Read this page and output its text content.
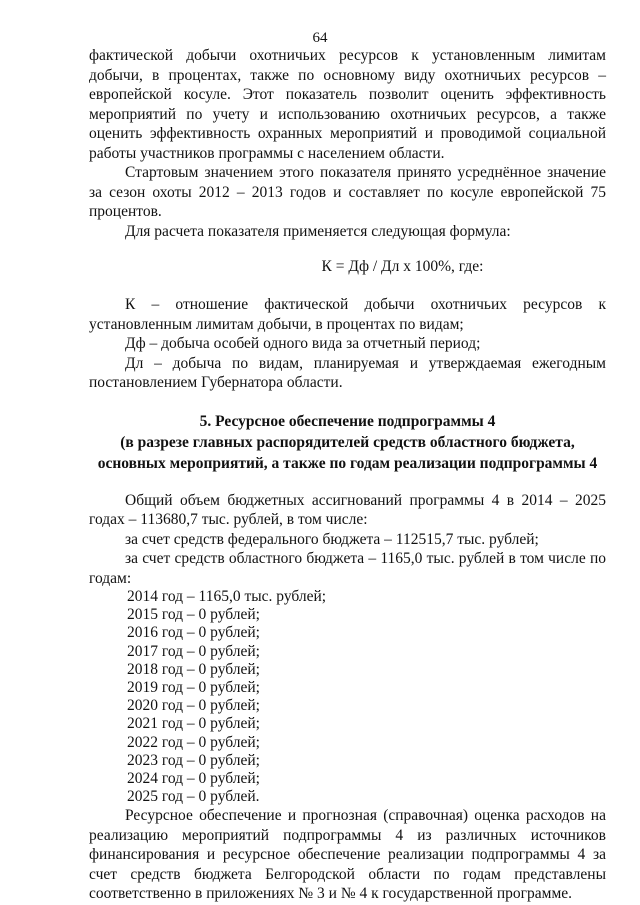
64

фактической добычи охотничьих ресурсов к установленным лимитам добычи, в процентах, также по основному виду охотничьих ресурсов – европейской косуле. Этот показатель позволит оценить эффективность мероприятий по учету и использованию охотничьих ресурсов, а также оценить эффективность охранных мероприятий и проводимой социальной работы участников программы с населением области.

Стартовым значением этого показателя принято усреднённое значение за сезон охоты 2012 – 2013 годов и составляет по косуле европейской 75 процентов.

Для расчета показателя применяется следующая формула:

К = Дф / Дл х 100%, где:

К – отношение фактической добычи охотничьих ресурсов к установленным лимитам добычи, в процентах по видам;

Дф – добыча особей одного вида за отчетный период;

Дл – добыча по видам, планируемая и утверждаемая ежегодным постановлением Губернатора области.

5. Ресурсное обеспечение подпрограммы 4

(в разрезе главных распорядителей средств областного бюджета,

основных мероприятий, а также по годам реализации подпрограммы 4

Общий объем бюджетных ассигнований программы 4 в 2014 – 2025 годах – 113680,7 тыс. рублей, в том числе:

за счет средств федерального бюджета – 112515,7 тыс. рублей;

за счет средств областного бюджета – 1165,0 тыс. рублей в том числе по годам:

2014 год – 1165,0 тыс. рублей;

2015 год – 0 рублей;

2016 год – 0 рублей;

2017 год – 0 рублей;

2018 год – 0 рублей;

2019 год – 0 рублей;

2020 год – 0 рублей;

2021 год – 0 рублей;

2022 год – 0 рублей;

2023 год – 0 рублей;

2024 год – 0 рублей;

2025 год – 0 рублей.

Ресурсное обеспечение и прогнозная (справочная) оценка расходов на реализацию мероприятий подпрограммы 4 из различных источников финансирования и ресурсное обеспечение реализации подпрограммы 4 за счет средств бюджета Белгородской области по годам представлены соответственно в приложениях № 3 и № 4 к государственной программе.
